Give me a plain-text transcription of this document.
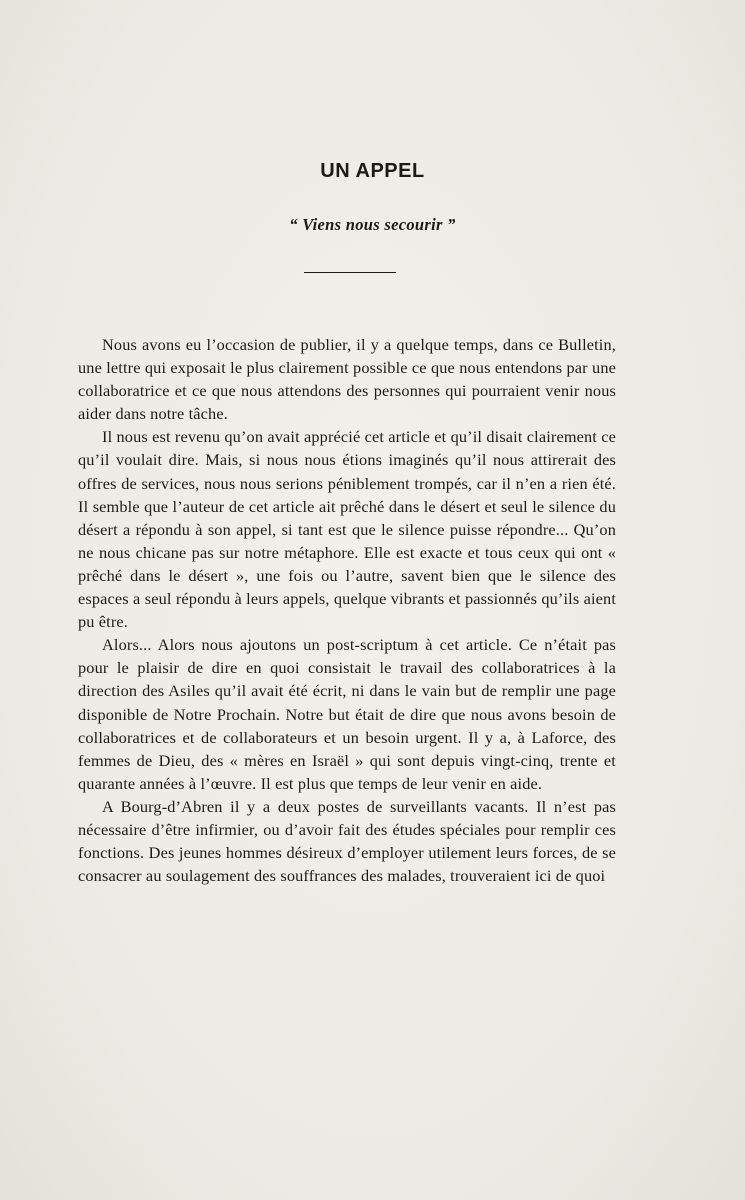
UN APPEL
“ Viens nous secourir ”

Nous avons eu l’occasion de publier, il y a quelque temps, dans ce Bulletin, une lettre qui exposait le plus clairement possible ce que nous entendons par une collaboratrice et ce que nous attendons des personnes qui pourraient venir nous aider dans notre tâche.

Il nous est revenu qu’on avait apprécié cet article et qu’il disait clairement ce qu’il voulait dire. Mais, si nous nous étions imaginés qu’il nous attirerait des offres de services, nous nous serions péniblement trompés, car il n’en a rien été. Il semble que l’auteur de cet article ait prêché dans le désert et seul le silence du désert a répondu à son appel, si tant est que le silence puisse répondre... Qu’on ne nous chicane pas sur notre métaphore. Elle est exacte et tous ceux qui ont « prêché dans le désert », une fois ou l’autre, savent bien que le silence des espaces a seul répondu à leurs appels, quelque vibrants et passionnés qu’ils aient pu être.

Alors... Alors nous ajoutons un post-scriptum à cet article. Ce n’était pas pour le plaisir de dire en quoi consistait le travail des collaboratrices à la direction des Asiles qu’il avait été écrit, ni dans le vain but de remplir une page disponible de Notre Prochain. Notre but était de dire que nous avons besoin de collaboratrices et de collaborateurs et un besoin urgent. Il y a, à Laforce, des femmes de Dieu, des « mères en Israël » qui sont depuis vingt-cinq, trente et quarante années à l’œuvre. Il est plus que temps de leur venir en aide.

A Bourg-d’Abren il y a deux postes de surveillants vacants. Il n’est pas nécessaire d’être infirmier, ou d’avoir fait des études spéciales pour remplir ces fonctions. Des jeunes hommes désireux d’employer utilement leurs forces, de se consacrer au soulagement des souffrances des malades, trouveraient ici de quoi
